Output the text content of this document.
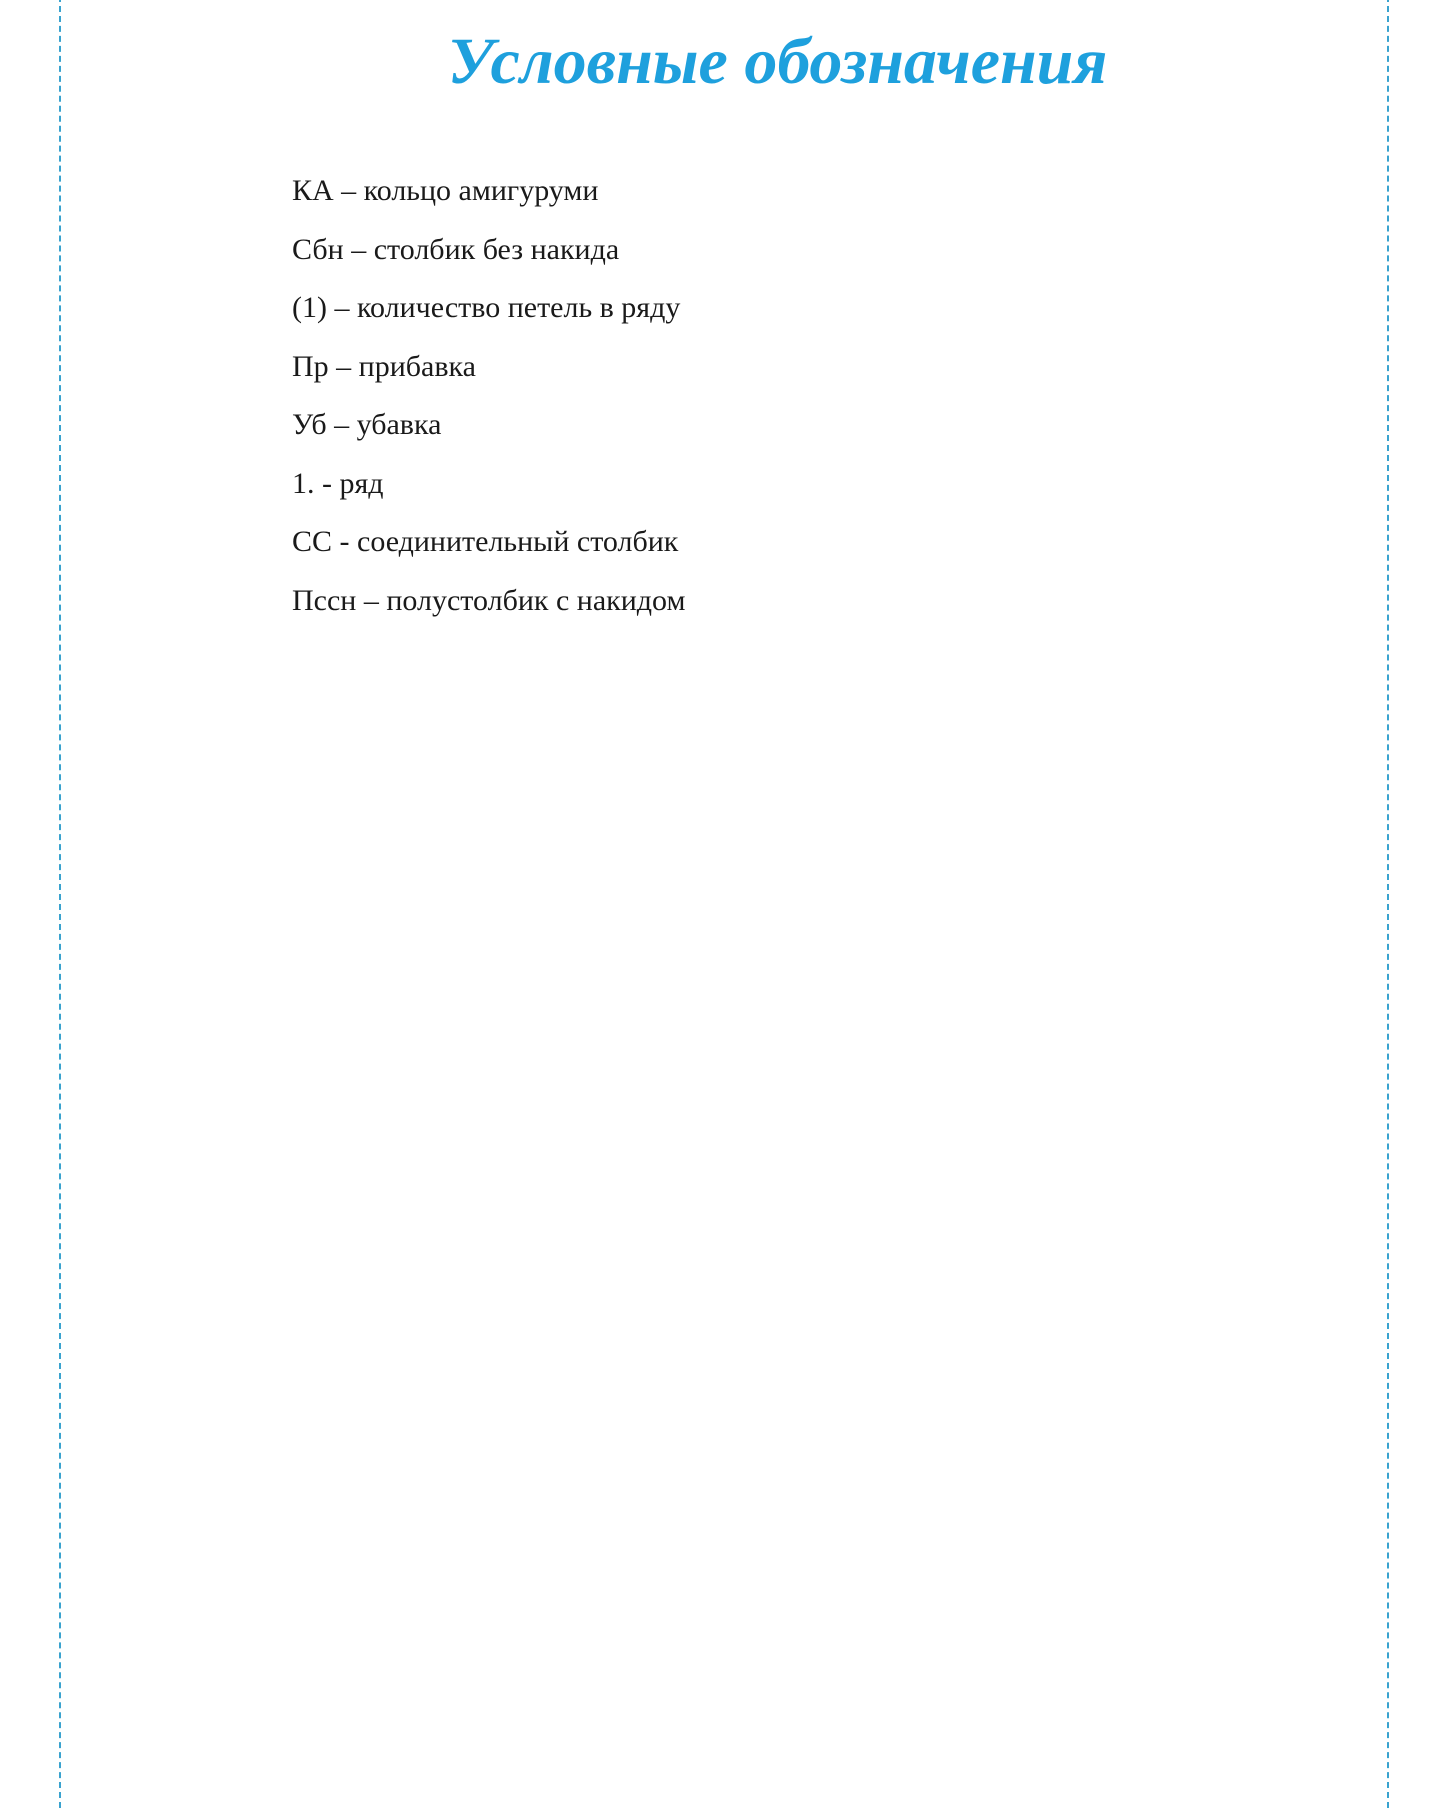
Условные обозначения
КА – кольцо амигуруми
Сбн – столбик без накида
(1) – количество петель в ряду
Пр – прибавка
Уб – убавка
1. - ряд
СС - соединительный столбик
Пссн – полустолбик с накидом
